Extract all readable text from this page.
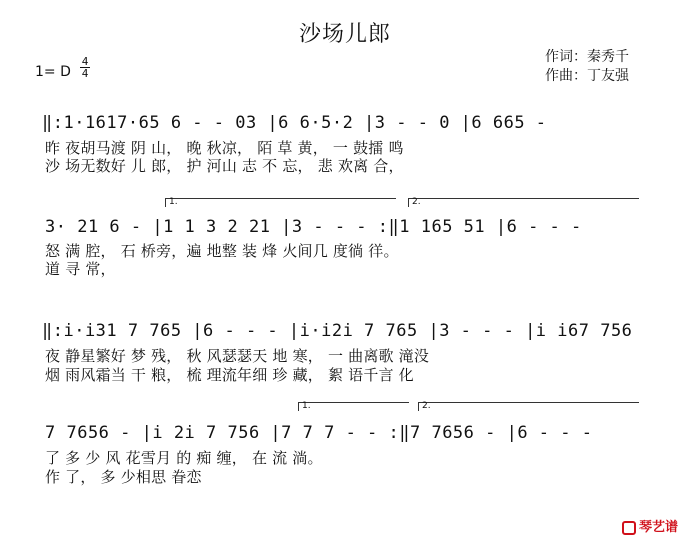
沙场儿郎
作词：秦秀千
作曲：丁友强
1= D
4
4
‖:1·1617·65 6 - - 03 |6 6·5·2 |3 - - 0 |6 665 -
昨 夜胡马渡 阴 山， 晚 秋凉， 陌 草 黄， 一 鼓擂 鸣
沙 场无数好 儿 郎， 护 河山 志 不 忘， 悲 欢离 合，
1.	2.
3· 21 6 - |1 1 3 2 21 |3 - - - :‖1 165 51 |6 - - -
怒 满 腔， 石 桥旁，遍 地整 装 烽 火间几 度徜 徉。
道 寻 常，
‖:i·i31 7 765 |6 - - - |i·i2i 7 765 |3 - - - |i i67 756
夜 静星繁好 梦 残， 秋 风瑟瑟天 地 寒， 一 曲离歌 滝没
烟 雨风霜当 干 粮， 梳 理流年细 珍 藏， 絮 语千言 化
1.	2.
7 7656 - |i 2i 7 756 |7 7 7 - - :‖7 7656 - |6 - - -
了 多 少 风 花雪月 的 痴 缠， 在 流 淌。
作 了， 多 少相思 眷恋
琴艺谱
